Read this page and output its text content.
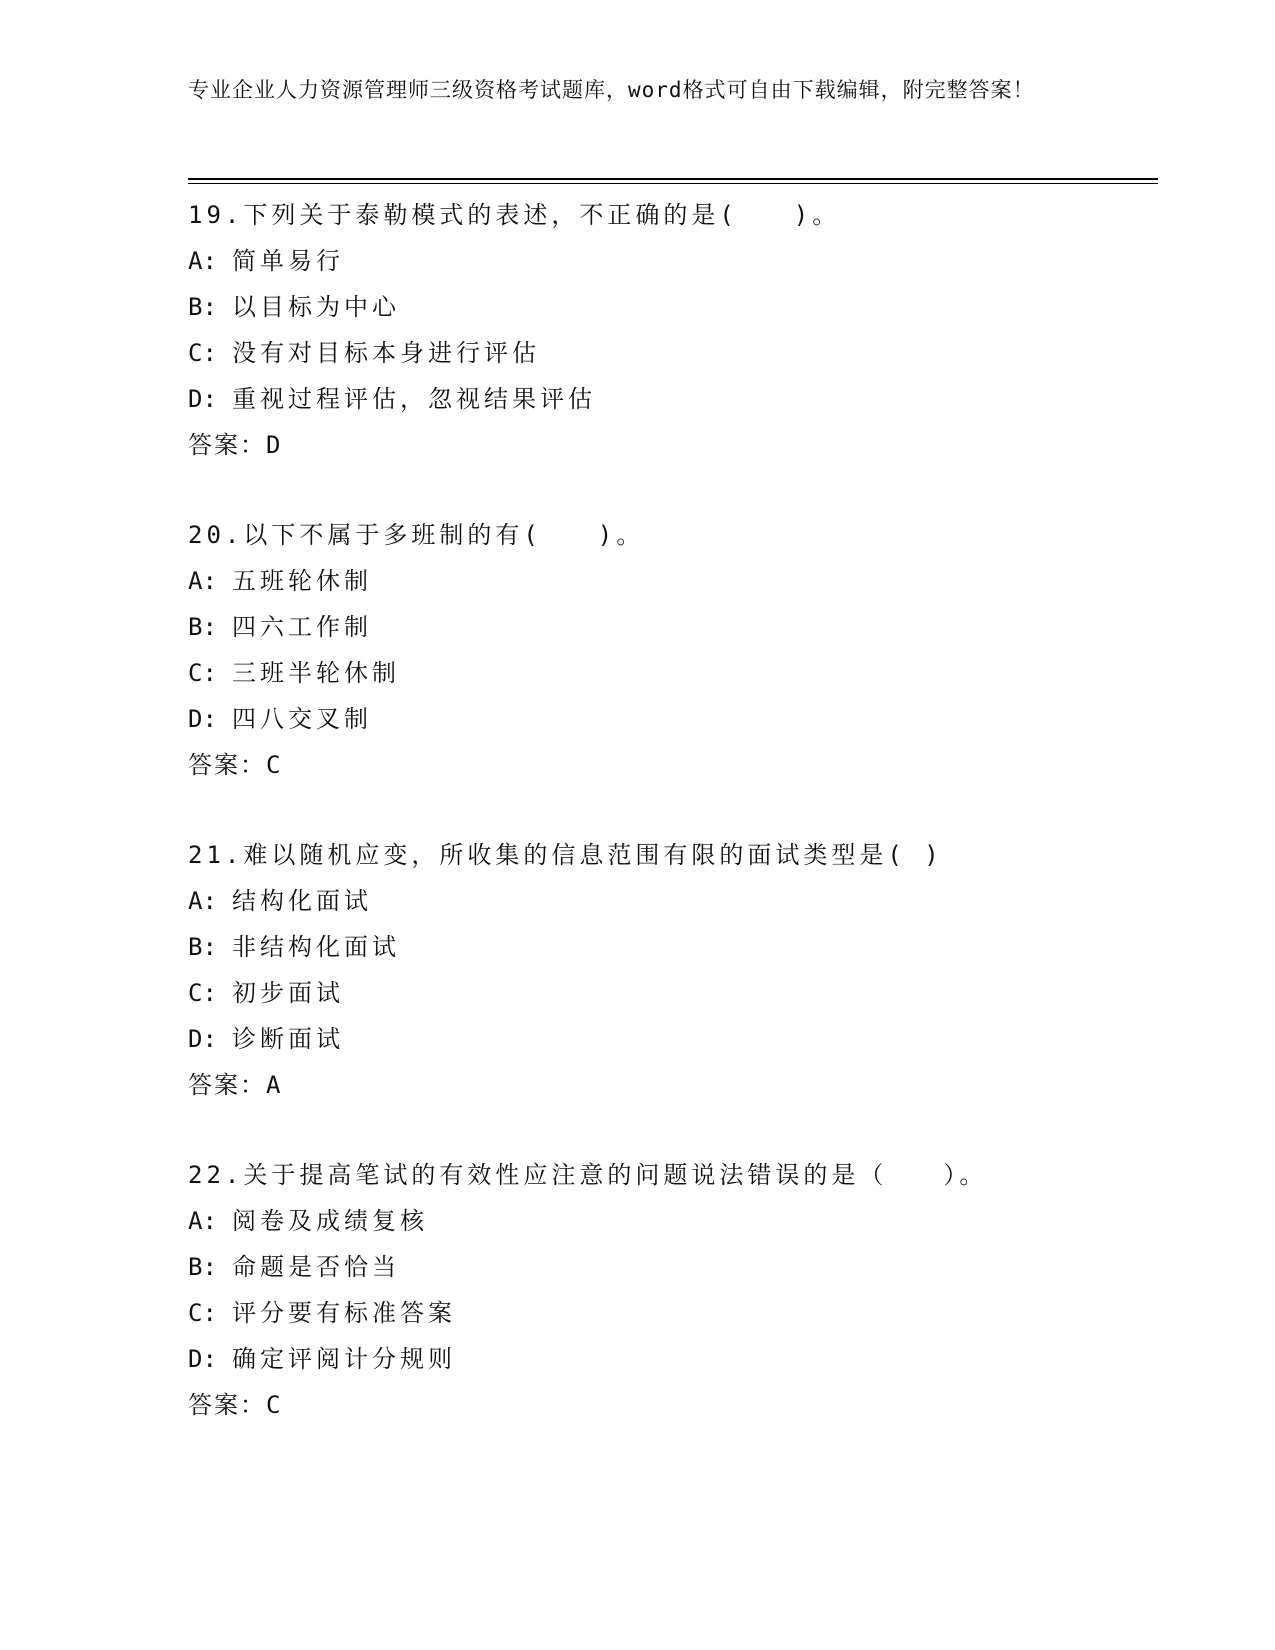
专业企业人力资源管理师三级资格考试题库，word格式可自由下载编辑，附完整答案！
19.下列关于泰勒模式的表述，不正确的是(　　)。
A: 简单易行
B: 以目标为中心
C: 没有对目标本身进行评估
D: 重视过程评估，忽视结果评估
答案：D
20.以下不属于多班制的有(　　)。
A: 五班轮休制
B: 四六工作制
C: 三班半轮休制
D: 四八交叉制
答案：C
21.难以随机应变，所收集的信息范围有限的面试类型是( )
A: 结构化面试
B: 非结构化面试
C: 初步面试
D: 诊断面试
答案：A
22.关于提高笔试的有效性应注意的问题说法错误的是（　　）。
A: 阅卷及成绩复核
B: 命题是否恰当
C: 评分要有标准答案
D: 确定评阅计分规则
答案：C
